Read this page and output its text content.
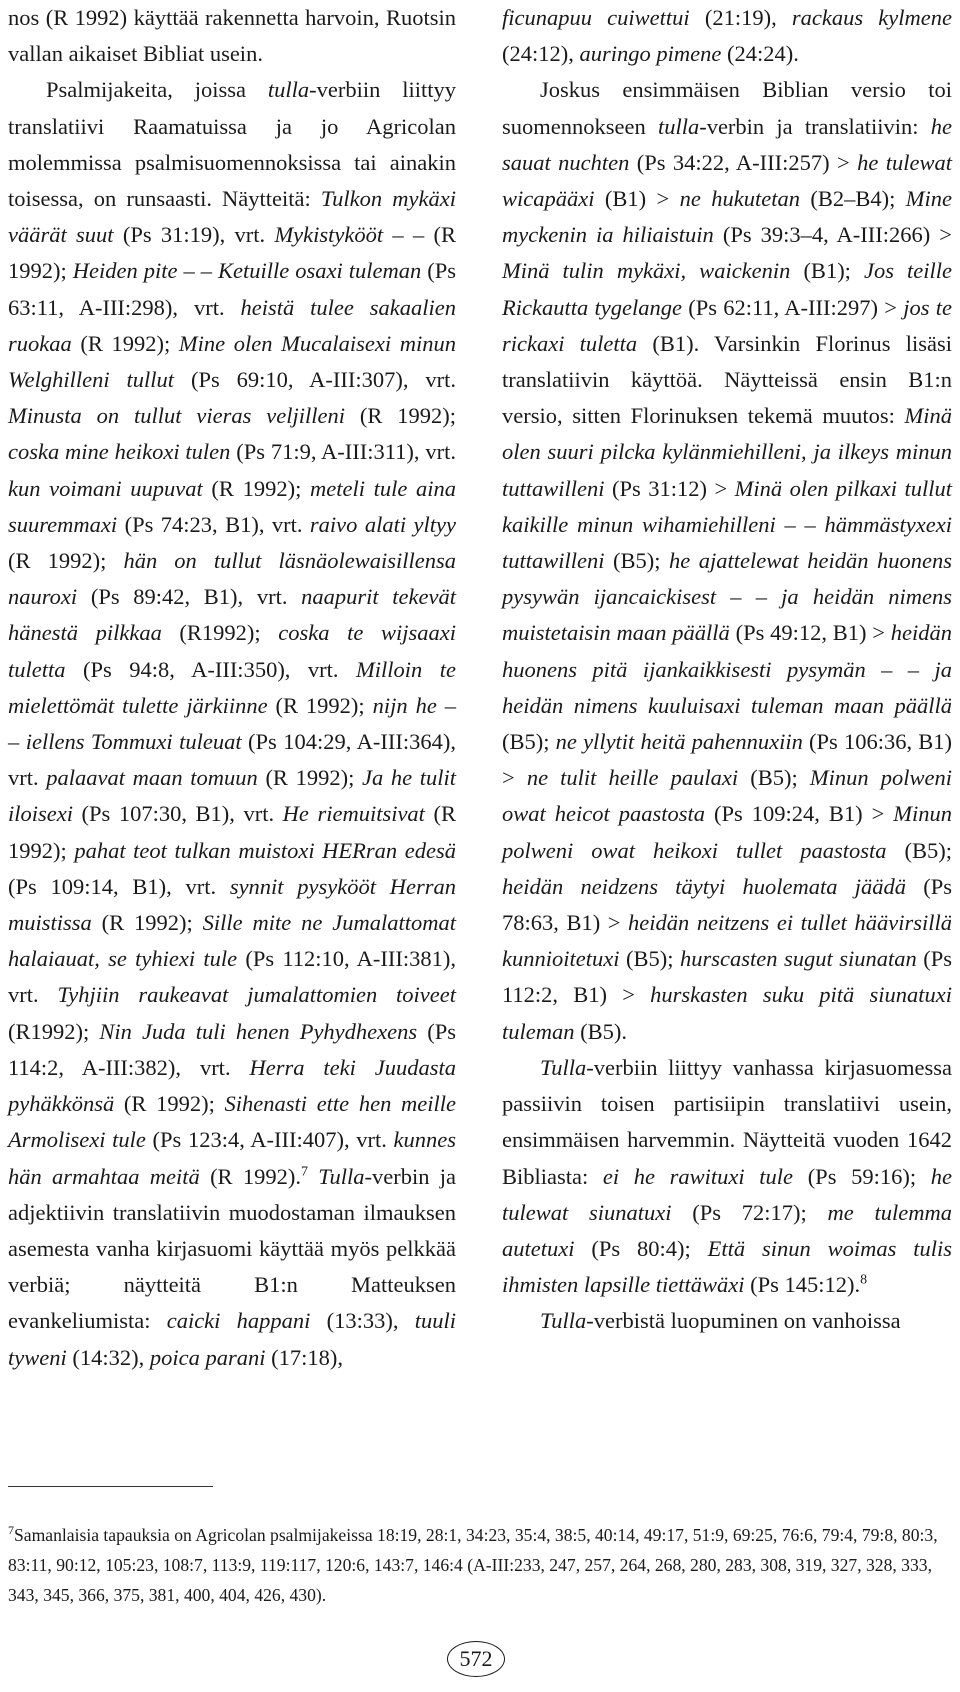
nos (R 1992) käyttää rakennetta harvoin, Ruotsin vallan aikaiset Bibliat usein.

Psalmijakeita, joissa tulla-verbiin liittyy translatiivi Raamatuissa ja jo Agricolan molemmissa psalmisuomennoksissa tai ainakin toisessa, on runsaasti. Näytteitä: Tulkon mykäxi väärät suut (Ps 31:19), vrt. Mykistykööt – – (R 1992); Heiden pite – – Ketuille osaxi tuleman (Ps 63:11, A-III:298), vrt. heistä tulee sakaalien ruokaa (R 1992); Mine olen Mucalaisexi minun Welghilleni tullut (Ps 69:10, A-III:307), vrt. Minusta on tullut vieras veljilleni (R 1992); coska mine heikoxi tulen (Ps 71:9, A-III:311), vrt. kun voimani uupuvat (R 1992); meteli tule aina suuremmaxi (Ps 74:23, B1), vrt. raivo alati yltyy (R 1992); hän on tullut läsnäolewaisillensa nauroxi (Ps 89:42, B1), vrt. naapurit tekevät hänestä pilkkaa (R1992); coska te wijsaaxi tuletta (Ps 94:8, A-III:350), vrt. Milloin te mielettömät tulette järkiinne (R 1992); nijn he – – iellens Tommuxi tuleuat (Ps 104:29, A-III:364), vrt. palaavat maan tomuun (R 1992); Ja he tulit iloisexi (Ps 107:30, B1), vrt. He riemuitsivat (R 1992); pahat teot tulkan muistoxi HERran edesä (Ps 109:14, B1), vrt. synnit pysykööt Herran muistissa (R 1992); Sille mite ne Jumalattomat halaiauat, se tyhiexi tule (Ps 112:10, A-III:381), vrt. Tyhjiin raukeavat jumalattomien toiveet (R1992); Nin Juda tuli henen Pyhydhexens (Ps 114:2, A-III:382), vrt. Herra teki Juudasta pyhäkkönsä (R 1992); Sihenasti ette hen meille Armolisexi tule (Ps 123:4, A-III:407), vrt. kunnes hän armahtaa meitä (R 1992).$^7$ Tulla-verbin ja adjektiivin translatiivin muodostaman ilmauksen asemesta vanha kirjasuomi käyttää myös pelkkää verbiä; näytteitä B1:n Matteuksen evankeliumista: caicki happani (13:33), tuuli tyweni (14:32), poica parani (17:18),

ficunapuu cuiwettui (21:19), rackaus kylmene (24:12), auringo pimene (24:24).

Joskus ensimmäisen Biblian versio toi suomennokseen tulla-verbin ja translatiivin: he sauat nuchten (Ps 34:22, A-III:257) > he tulewat wicapääxi (B1) > ne hukutetan (B2–B4); Mine myckenin ia hiliaistuin (Ps 39:3–4, A-III:266) > Minä tulin mykäxi, waickenin (B1); Jos teille Rickautta tygelange (Ps 62:11, A-III:297) > jos te rickaxi tuletta (B1). Varsinkin Florinus lisäsi translatiivin käyttöä. Näytteissä ensin B1:n versio, sitten Florinuksen tekemä muutos: Minä olen suuri pilcka kylänmiehilleni, ja ilkeys minun tuttawilleni (Ps 31:12) > Minä olen pilkaxi tullut kaikille minun wihamiehilleni – – hämmästyxexi tuttawilleni (B5); he ajattelewat heidän huonens pysywän ijancaickisest – – ja heidän nimens muistetaisin maan päällä (Ps 49:12, B1) > heidän huonens pitä ijankaikkisesti pysymän – – ja heidän nimens kuuluisaxi tuleman maan päällä (B5); ne yllytit heitä pahennuxiin (Ps 106:36, B1) > ne tulit heille paulaxi (B5); Minun polweni owat heicot paastosta (Ps 109:24, B1) > Minun polweni owat heikoxi tullet paastosta (B5); heidän neidzens täytyi huolemata jäädä (Ps 78:63, B1) > heidän neitzens ei tullet häävirsillä kunnioitetuxi (B5); hurscasten sugut siunatan (Ps 112:2, B1) > hurskasten suku pitä siunatuxi tuleman (B5).

Tulla-verbiin liittyy vanhassa kirjasuomessa passiivin toisen partisiipin translatiivi usein, ensimmäisen harvemmin. Näytteitä vuoden 1642 Bibliasta: ei he rawituxi tule (Ps 59:16); he tulewat siunatuxi (Ps 72:17); me tulemma autetuxi (Ps 80:4); Että sinun woimas tulis ihmisten lapsille tiettäwäxi (Ps 145:12).$^8$

Tulla-verbistä luopuminen on vanhoissa

$^7$Samanlaisia tapauksia on Agricolan psalmijakeissa 18:19, 28:1, 34:23, 35:4, 38:5, 40:14, 49:17, 51:9, 69:25, 76:6, 79:4, 79:8, 80:3, 83:11, 90:12, 105:23, 108:7, 113:9, 119:117, 120:6, 143:7, 146:4 (A-III:233, 247, 257, 264, 268, 280, 283, 308, 319, 327, 328, 333, 343, 345, 366, 375, 381, 400, 404, 426, 430).

572
